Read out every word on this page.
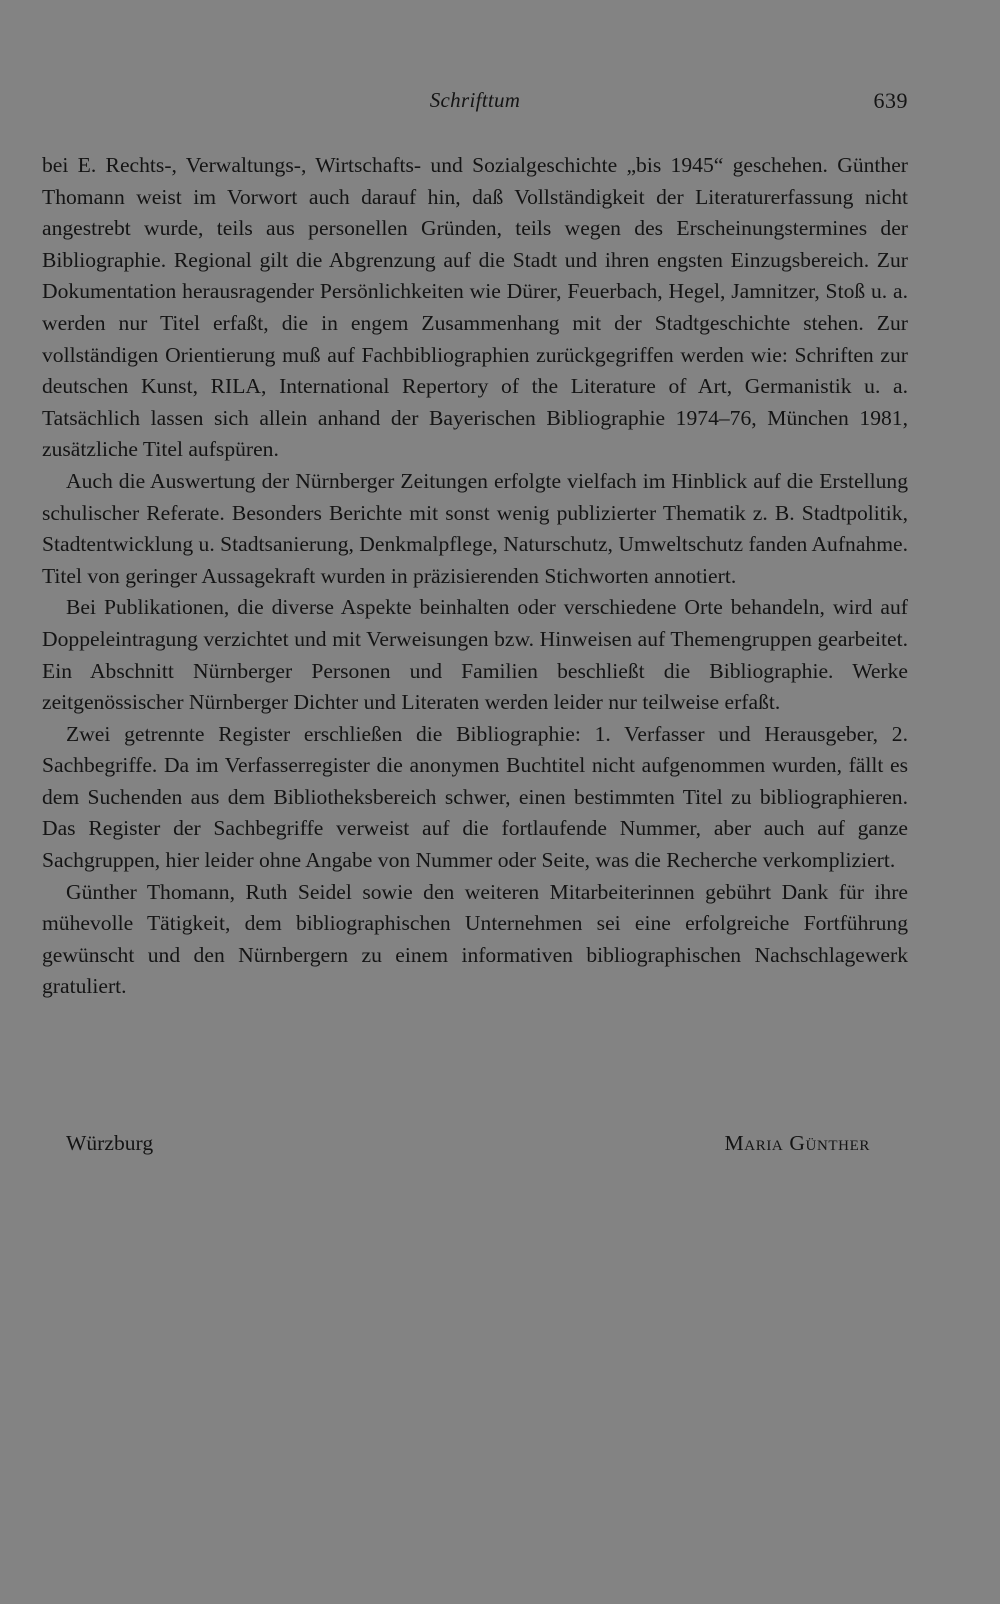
Schrifttum	639

bei E. Rechts-, Verwaltungs-, Wirtschafts- und Sozialgeschichte „bis 1945“ geschehen. Günther Thomann weist im Vorwort auch darauf hin, daß Vollständigkeit der Literaturerfassung nicht angestrebt wurde, teils aus personellen Gründen, teils wegen des Erscheinungstermines der Bibliographie. Regional gilt die Abgrenzung auf die Stadt und ihren engsten Einzugsbereich. Zur Dokumentation herausragender Persönlichkeiten wie Dürer, Feuerbach, Hegel, Jamnitzer, Stoß u. a. werden nur Titel erfaßt, die in engem Zusammenhang mit der Stadtgeschichte stehen. Zur vollständigen Orientierung muß auf Fachbibliographien zurückgegriffen werden wie: Schriften zur deutschen Kunst, RILA, International Repertory of the Literature of Art, Germanistik u. a. Tatsächlich lassen sich allein anhand der Bayerischen Bibliographie 1974–76, München 1981, zusätzliche Titel aufspüren.

Auch die Auswertung der Nürnberger Zeitungen erfolgte vielfach im Hinblick auf die Erstellung schulischer Referate. Besonders Berichte mit sonst wenig publizierter Thematik z. B. Stadtpolitik, Stadtentwicklung u. Stadtsanierung, Denkmalpflege, Naturschutz, Umweltschutz fanden Aufnahme. Titel von geringer Aussagekraft wurden in präzisierenden Stichworten annotiert.

Bei Publikationen, die diverse Aspekte beinhalten oder verschiedene Orte behandeln, wird auf Doppeleintragung verzichtet und mit Verweisungen bzw. Hinweisen auf Themengruppen gearbeitet. Ein Abschnitt Nürnberger Personen und Familien beschließt die Bibliographie. Werke zeitgenössischer Nürnberger Dichter und Literaten werden leider nur teilweise erfaßt.

Zwei getrennte Register erschließen die Bibliographie: 1. Verfasser und Herausgeber, 2. Sachbegriffe. Da im Verfasserregister die anonymen Buchtitel nicht aufgenommen wurden, fällt es dem Suchenden aus dem Bibliotheksbereich schwer, einen bestimmten Titel zu bibliographieren. Das Register der Sachbegriffe verweist auf die fortlaufende Nummer, aber auch auf ganze Sachgruppen, hier leider ohne Angabe von Nummer oder Seite, was die Recherche verkompliziert.

Günther Thomann, Ruth Seidel sowie den weiteren Mitarbeiterinnen gebührt Dank für ihre mühevolle Tätigkeit, dem bibliographischen Unternehmen sei eine erfolgreiche Fortführung gewünscht und den Nürnbergern zu einem informativen bibliographischen Nachschlagewerk gratuliert.

Würzburg	Maria Günther
